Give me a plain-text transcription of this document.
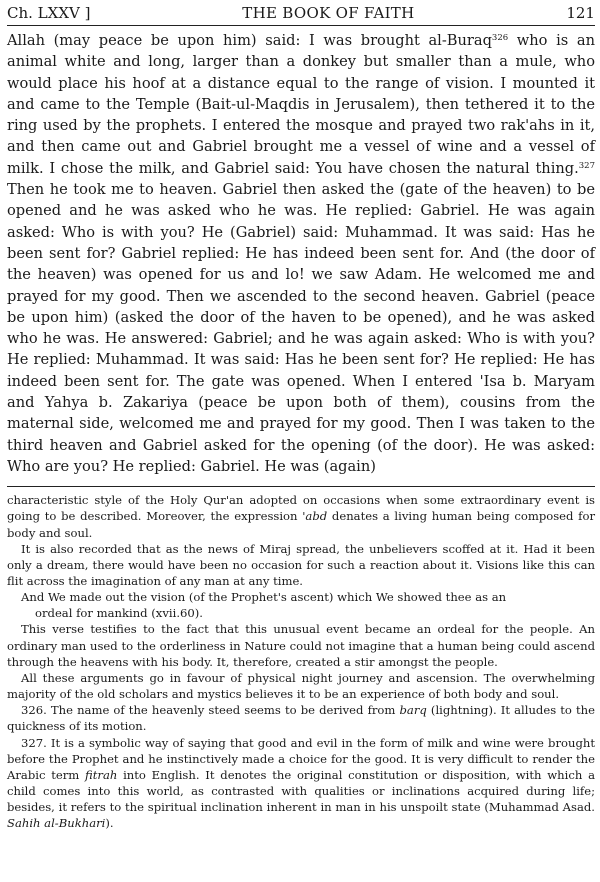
Ch. LXXV ]	THE BOOK OF FAITH	121

Allah (may peace be upon him) said: I was brought al-Buraq$^{326}$ who is an animal white and long, larger than a donkey but smaller than a mule, who would place his hoof at a distance equal to the range of vision. I mounted it and came to the Temple (Bait-ul-Maqdis in Jerusalem), then tethered it to the ring used by the prophets. I entered the mosque and prayed two rak'ahs in it, and then came out and Gabriel brought me a vessel of wine and a vessel of milk. I chose the milk, and Gabriel said: You have chosen the natural thing.$^{327}$ Then he took me to heaven. Gabriel then asked the (gate of the heaven) to be opened and he was asked who he was. He replied: Gabriel. He was again asked: Who is with you? He (Gabriel) said: Muhammad. It was said: Has he been sent for? Gabriel replied: He has indeed been sent for. And (the door of the heaven) was opened for us and lo! we saw Adam. He welcomed me and prayed for my good. Then we ascended to the second heaven. Gabriel (peace be upon him) (asked the door of the haven to be opened), and he was asked who he was. He answered: Gabriel; and he was again asked: Who is with you? He replied: Muhammad. It was said: Has he been sent for? He replied: He has indeed been sent for. The gate was opened. When I entered 'Isa b. Maryam and Yahya b. Zakariya (peace be upon both of them), cousins from the maternal side, welcomed me and prayed for my good. Then I was taken to the third heaven and Gabriel asked for the opening (of the door). He was asked: Who are you? He replied: Gabriel. He was (again)

characteristic style of the Holy Qur'an adopted on occasions when some extraordinary event is going to be described. Moreover, the expression 'abd denates a living human being composed for body and soul.

It is also recorded that as the news of Miraj spread, the unbelievers scoffed at it. Had it been only a dream, there would have been no occasion for such a reaction about it. Visions like this can flit across the imagination of any man at any time.

And We made out the vision (of the Prophet's ascent) which We showed thee as an

ordeal for mankind (xvii.60).

This verse testifies to the fact that this unusual event became an ordeal for the people. An ordinary man used to the orderliness in Nature could not imagine that a human being could ascend through the heavens with his body. It, therefore, created a stir amongst the people.

All these arguments go in favour of physical night journey and ascension. The overwhelming majority of the old scholars and mystics believes it to be an experience of both body and soul.

326. The name of the heavenly steed seems to be derived from barq (lightning). It alludes to the quickness of its motion.

327. It is a symbolic way of saying that good and evil in the form of milk and wine were brought before the Prophet and he instinctively made a choice for the good. It is very difficult to render the Arabic term fitrah into English. It denotes the original constitution or disposition, with which a child comes into this world, as contrasted with qualities or inclinations acquired during life; besides, it refers to the spiritual inclination inherent in man in his unspoilt state (Muhammad Asad. Sahih al-Bukhari).
